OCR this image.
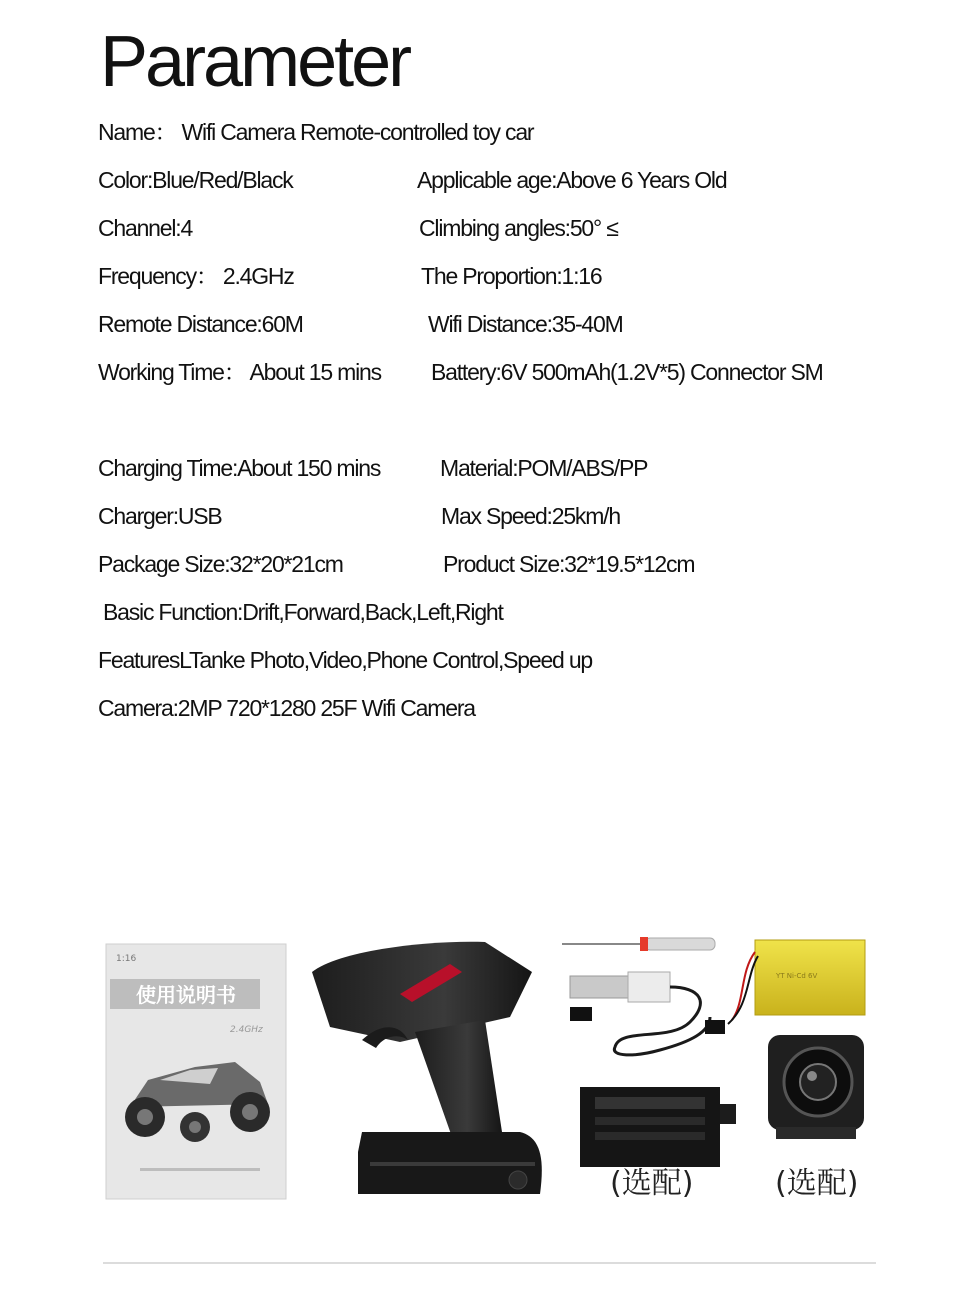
Parameter
Name： Wifi Camera Remote-controlled toy car
Color:Blue/Red/Black	Applicable age:Above 6 Years Old
Channel:4	Climbing angles:50° ≤
Frequency： 2.4GHz	The Proportion:1:16
Remote Distance:60M	Wifi Distance:35-40M
Working Time： About 15 mins Battery:6V 500mAh(1.2V*5) Connector SM
Charging Time:About 150 mins	Material:POM/ABS/PP
Charger:USB	Max Speed:25km/h
Package Size:32*20*21cm	Product Size:32*19.5*12cm
Basic Function:Drift,Forward,Back,Left,Right
FeaturesLTanke Photo,Video,Phone Control,Speed up
Camera:2MP 720*1280 25F Wifi Camera
1:16
使用说明书
2.4GHz
YT Ni-Cd 6V
(选配)	(选配)
